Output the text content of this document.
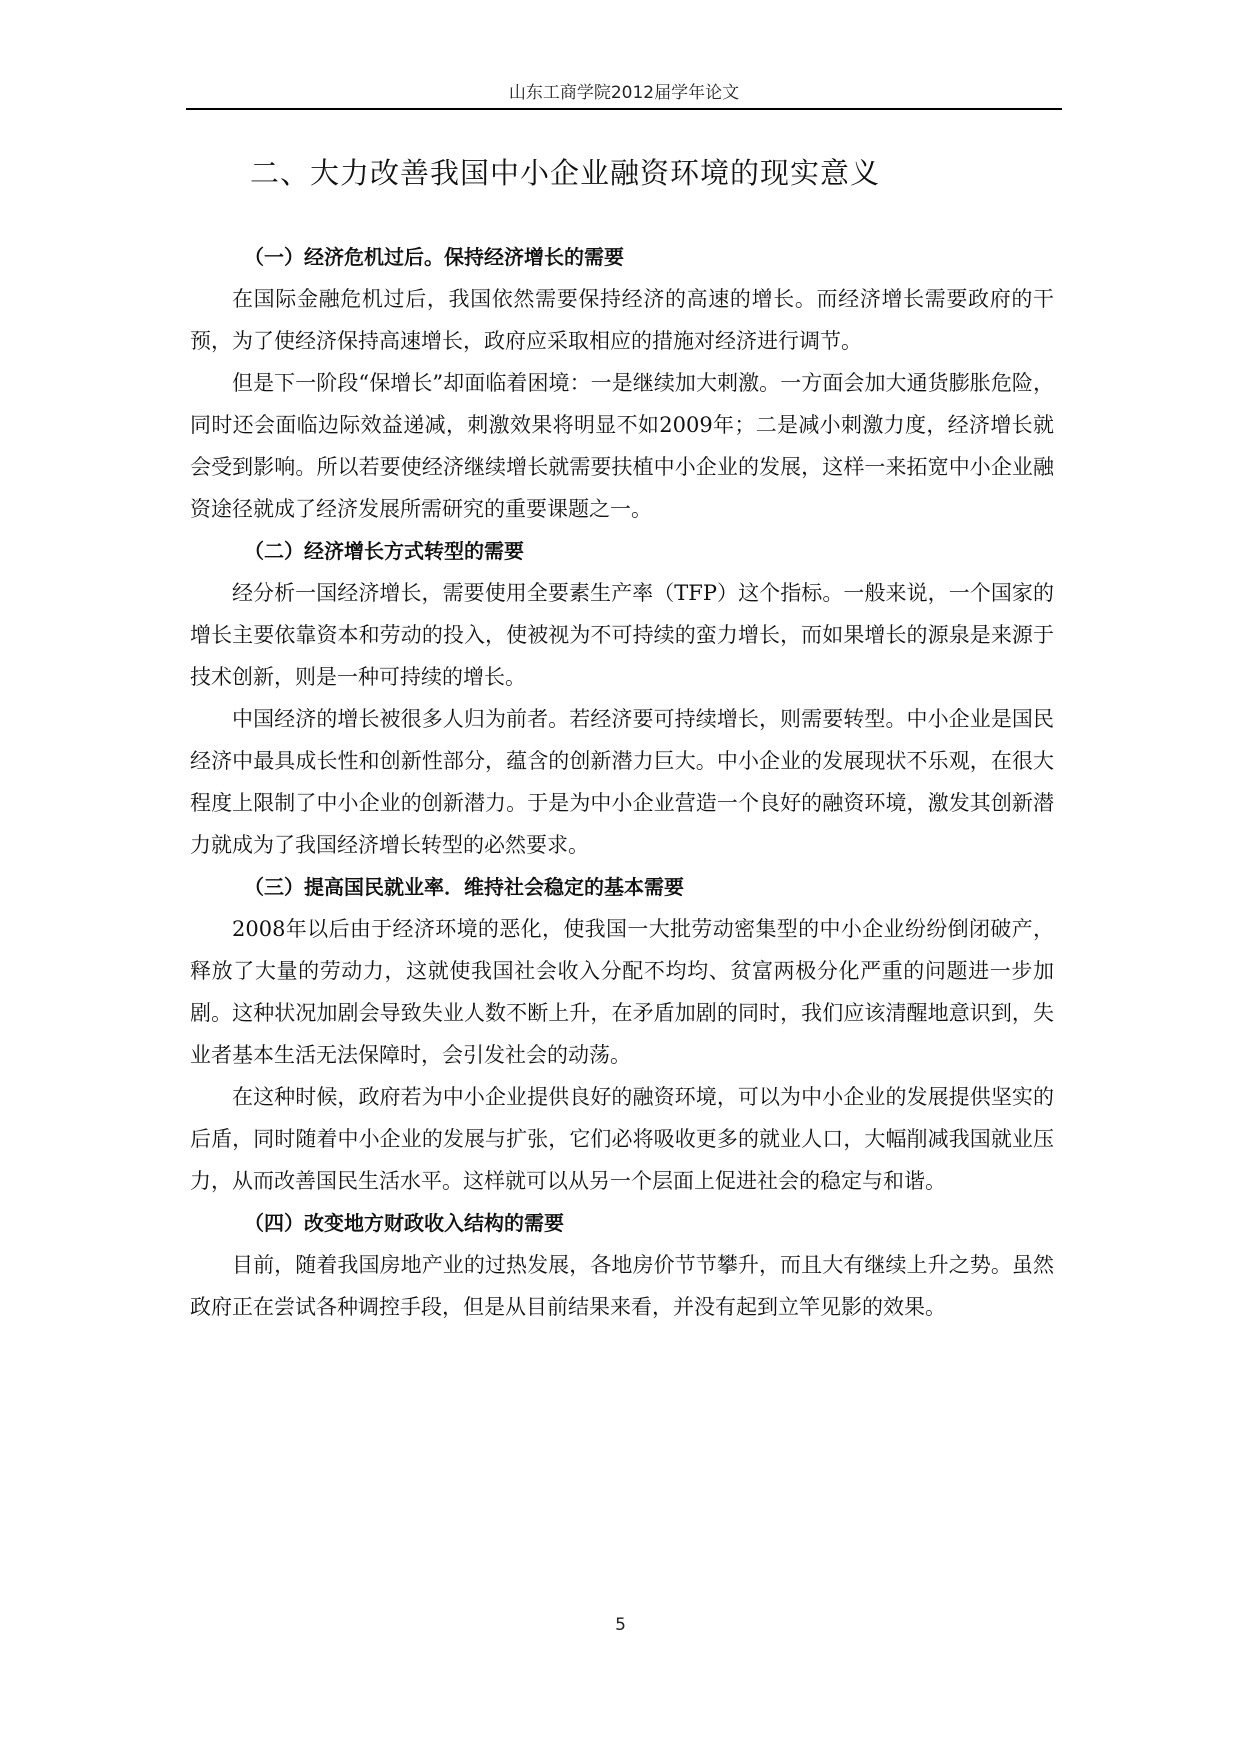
山东工商学院2012届学年论文
二、大力改善我国中小企业融资环境的现实意义
（一）经济危机过后。保持经济增长的需要

在国际金融危机过后，我国依然需要保持经济的高速的增长。而经济增长需要政府的干预，为了使经济保持高速增长，政府应采取相应的措施对经济进行调节。

但是下一阶段“保增长”却面临着困境：一是继续加大刺激。一方面会加大通货膨胀危险，同时还会面临边际效益递减，刺激效果将明显不如2009年；二是减小刺激力度，经济增长就会受到影响。所以若要使经济继续增长就需要扶植中小企业的发展，这样一来拓宽中小企业融资途径就成了经济发展所需研究的重要课题之一。

（二）经济增长方式转型的需要

经分析一国经济增长，需要使用全要素生产率（TFP）这个指标。一般来说，一个国家的增长主要依靠资本和劳动的投入，使被视为不可持续的蛮力增长，而如果增长的源泉是来源于技术创新，则是一种可持续的增长。

中国经济的增长被很多人归为前者。若经济要可持续增长，则需要转型。中小企业是国民经济中最具成长性和创新性部分，蕴含的创新潜力巨大。中小企业的发展现状不乐观，在很大程度上限制了中小企业的创新潜力。于是为中小企业营造一个良好的融资环境，激发其创新潜力就成为了我国经济增长转型的必然要求。

（三）提高国民就业率．维持社会稳定的基本需要

2008年以后由于经济环境的恶化，使我国一大批劳动密集型的中小企业纷纷倒闭破产，释放了大量的劳动力，这就使我国社会收入分配不均均、贫富两极分化严重的问题进一步加剧。这种状况加剧会导致失业人数不断上升，在矛盾加剧的同时，我们应该清醒地意识到，失业者基本生活无法保障时，会引发社会的动荡。

在这种时候，政府若为中小企业提供良好的融资环境，可以为中小企业的发展提供坚实的后盾，同时随着中小企业的发展与扩张，它们必将吸收更多的就业人口，大幅削减我国就业压力，从而改善国民生活水平。这样就可以从另一个层面上促进社会的稳定与和谐。

（四）改变地方财政收入结构的需要

目前，随着我国房地产业的过热发展，各地房价节节攀升，而且大有继续上升之势。虽然政府正在尝试各种调控手段，但是从目前结果来看，并没有起到立竿见影的效果。

5
